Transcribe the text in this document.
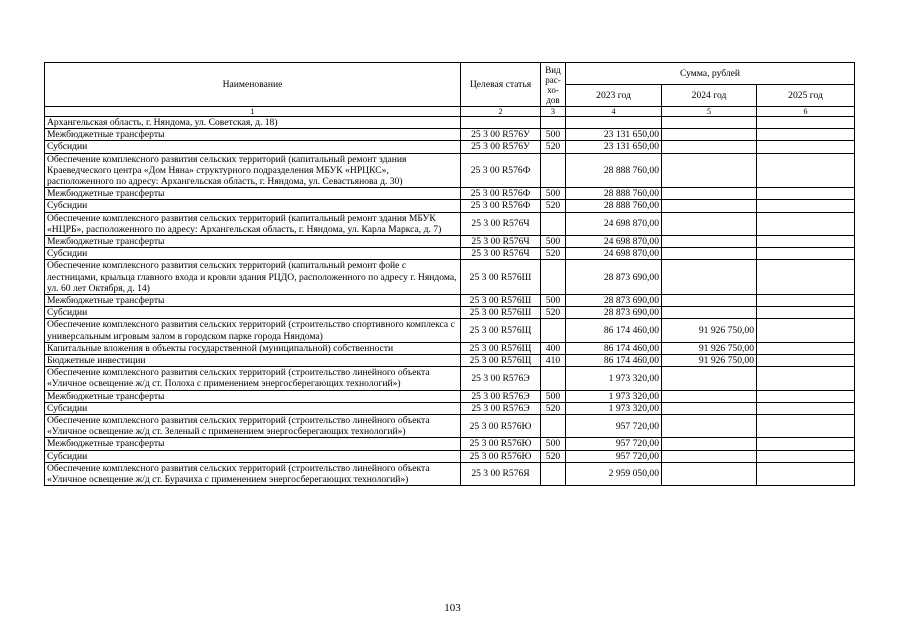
Наименование	Целевая статья	Вид рас- хо- дов	Сумма, рублей		
			2023 год	2024 год	2025 год
1	2	3	4	5	6
Архангельская область, г. Няндома, ул. Советская, д. 18)					
Межбюджетные трансферты	25 3 00 R576У	500	23 131 650,00		
Субсидии	25 3 00 R576У	520	23 131 650,00		
Обеспечение комплексного развития сельских территорий (капитальный ремонт здания Краеведческого центра «Дом Няна» структурного подразделения МБУК «НРЦКС», расположенного по адресу: Архангельская область, г. Няндома, ул. Севастьянова д. 30)	25 3 00 R576Ф		28 888 760,00		
Межбюджетные трансферты	25 3 00 R576Ф	500	28 888 760,00		
Субсидии	25 3 00 R576Ф	520	28 888 760,00		
Обеспечение комплексного развития сельских территорий (капитальный ремонт здания МБУК «НЦРБ», расположенного по адресу: Архангельская область, г. Няндома, ул. Карла Маркса, д. 7)	25 3 00 R576Ч		24 698 870,00		
Межбюджетные трансферты	25 3 00 R576Ч	500	24 698 870,00		
Субсидии	25 3 00 R576Ч	520	24 698 870,00		
Обеспечение комплексного развития сельских территорий (капитальный ремонт фойе с лестницами, крыльца главного входа и кровли здания РЦДО, расположенного по адресу г. Няндома, ул. 60 лет Октября, д. 14)	25 3 00 R576Ш		28 873 690,00		
Межбюджетные трансферты	25 3 00 R576Ш	500	28 873 690,00		
Субсидии	25 3 00 R576Ш	520	28 873 690,00		
Обеспечение комплексного развития сельских территорий (строительство спортивного комплекса с универсальным игровым залом в городском парке города Няндома)	25 3 00 R576Щ		86 174 460,00	91 926 750,00	
Капитальные вложения в объекты государственной (муниципальной) собственности	25 3 00 R576Щ	400	86 174 460,00	91 926 750,00	
Бюджетные инвестиции	25 3 00 R576Щ	410	86 174 460,00	91 926 750,00	
Обеспечение комплексного развития сельских территорий (строительство линейного объекта «Уличное освещение ж/д ст. Полоха с применением энергосберегающих технологий»)	25 3 00 R576Э		1 973 320,00		
Межбюджетные трансферты	25 3 00 R576Э	500	1 973 320,00		
Субсидии	25 3 00 R576Э	520	1 973 320,00		
Обеспечение комплексного развития сельских территорий (строительство линейного объекта «Уличное освещение ж/д ст. Зеленый с применением энергосберегающих технологий»)	25 3 00 R576Ю		957 720,00		
Межбюджетные трансферты	25 3 00 R576Ю	500	957 720,00		
Субсидии	25 3 00 R576Ю	520	957 720,00		
Обеспечение комплексного развития сельских территорий (строительство линейного объекта «Уличное освещение ж/д ст. Бурачиха с применением энергосберегающих технологий»)	25 3 00 R576Я		2 959 050,00		
103
